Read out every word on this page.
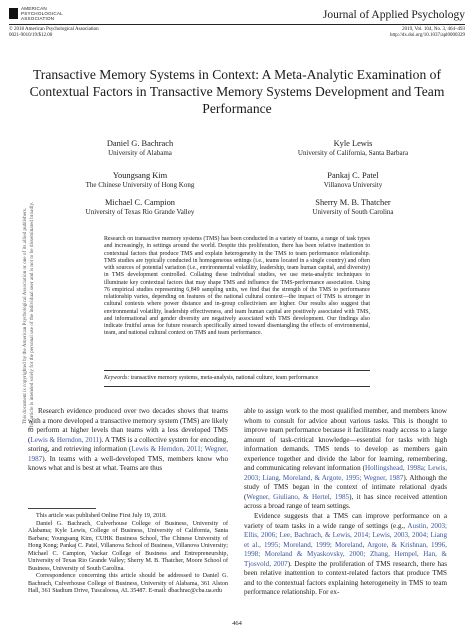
This document is copyrighted by the American Psychological Association or one of its allied publishers. This article is intended solely for the personal use of the individual user and is not to be disseminated broadly.
AMERICAN
PSYCHOLOGICAL
ASSOCIATION	Journal of Applied Psychology
© 2018 American Psychological Association
0021-9010/19/$12.00
2019, Vol. 104, No. 3, 464–493
http://dx.doi.org/10.1037/apl0000329
Transactive Memory Systems in Context: A Meta-Analytic Examination of Contextual Factors in Transactive Memory Systems Development and Team Performance
Daniel G. Bachrach
University of Alabama
Kyle Lewis
University of California, Santa Barbara
Youngsang Kim
The Chinese University of Hong Kong
Pankaj C. Patel
Villanova University
Michael C. Campion
University of Texas Rio Grande Valley
Sherry M. B. Thatcher
University of South Carolina
Research on transactive memory systems (TMS) has been conducted in a variety of teams, a range of task types and increasingly, in settings around the world. Despite this proliferation, there has been relative inattention to contextual factors that produce TMS and explain heterogeneity in the TMS to team performance relationship. TMS studies are typically conducted in homogeneous settings (i.e., teams located in a single country) and often with sources of potential variation (i.e., environmental volatility, leadership, team human capital, and diversity) in TMS development controlled. Collating these individual studies, we use meta-analytic techniques to illuminate key contextual factors that may shape TMS and influence the TMS-performance association. Using 76 empirical studies representing 6,849 sampling units, we find that the strength of the TMS to performance relationship varies, depending on features of the national cultural context—the impact of TMS is stronger in cultural contexts where power distance and in-group collectivism are higher. Our results also suggest that environmental volatility, leadership effectiveness, and team human capital are positively associated with TMS, and informational and gender diversity are negatively associated with TMS development. Our findings also indicate fruitful areas for future research specifically aimed toward disentangling the effects of environmental, team, and national cultural context on TMS and team performance.
Keywords: transactive memory systems, meta-analysis, national culture, team performance
Research evidence produced over two decades shows that teams with a more developed a transactive memory system (TMS) are likely to perform at higher levels than teams with a less developed TMS (Lewis & Herndon, 2011). A TMS is a collective system for encoding, storing, and retrieving information (Lewis & Herndon, 2011; Wegner, 1987). In teams with a well-developed TMS, members know who knows what and is best at what. Teams are thus
This article was published Online First July 19, 2018.
Daniel G. Bachrach, Culverhouse College of Business, University of Alabama; Kyle Lewis, College of Business, University of California, Santa Barbara; Youngsang Kim, CUHK Business School, The Chinese University of Hong Kong; Pankaj C. Patel, Villanova School of Business, Villanova University; Michael C. Campion, Vackar College of Business and Entrepreneurship, University of Texas Rio Grande Valley; Sherry M. B. Thatcher, Moore School of Business, University of South Carolina.
Correspondence concerning this article should be addressed to Daniel G. Bachrach, Culverhouse College of Business, University of Alabama, 361 Alston Hall, 361 Stadium Drive, Tuscaloosa, AL 35487. E-mail: dbachrac@cba.ua.edu
able to assign work to the most qualified member, and members know whom to consult for advice about various tasks. This is thought to improve team performance because it facilitates ready access to a large amount of task-critical knowledge—essential for tasks with high information demands. TMS tends to develop as members gain experience together and divide the labor for learning, remembering, and communicating relevant information (Hollingshead, 1998a; Lewis, 2003; Liang, Moreland, & Argote, 1995; Wegner, 1987). Although the study of TMS began in the context of intimate relational dyads (Wegner, Giuliano, & Hertel, 1985), it has since received attention across a broad range of team settings.
Evidence suggests that a TMS can improve performance on a variety of team tasks in a wide range of settings (e.g., Austin, 2003; Ellis, 2006; Lee, Bachrach, & Lewis, 2014; Lewis, 2003, 2004; Liang et al., 1995; Moreland, 1999; Moreland, Argote, & Krishnan, 1996, 1998; Moreland & Myaskovsky, 2000; Zhang, Hempel, Han, & Tjosvold, 2007). Despite the proliferation of TMS research, there has been relative inattention to context-related factors that produce TMS and to the contextual factors explaining heterogeneity in TMS to team performance relationship. For ex-
464
